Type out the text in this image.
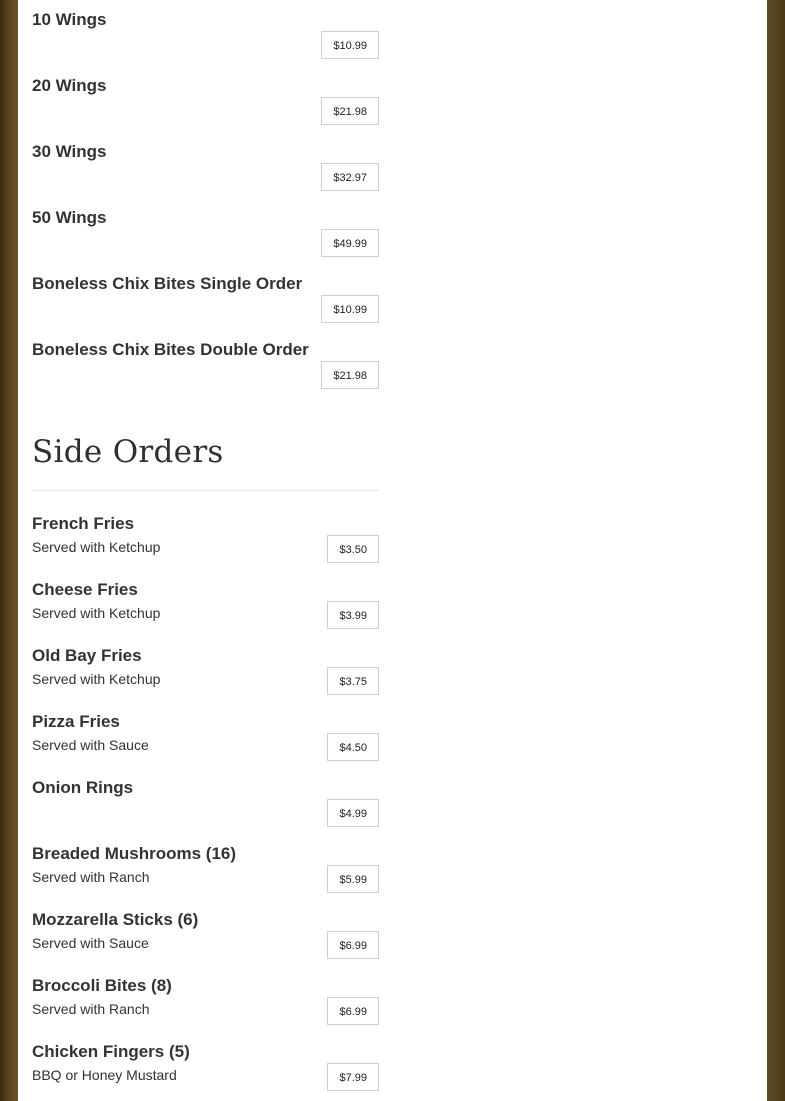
10 Wings
$10.99
20 Wings
$21.98
30 Wings
$32.97
50 Wings
$49.99
Boneless Chix Bites Single Order
$10.99
Boneless Chix Bites Double Order
$21.98
Side Orders
French Fries
Served with Ketchup	$3.50
Cheese Fries
Served with Ketchup	$3.99
Old Bay Fries
Served with Ketchup	$3.75
Pizza Fries
Served with Sauce	$4.50
Onion Rings
$4.99
Breaded Mushrooms (16)
Served with Ranch	$5.99
Mozzarella Sticks (6)
Served with Sauce	$6.99
Broccoli Bites (8)
Served with Ranch	$6.99
Chicken Fingers (5)
BBQ or Honey Mustard	$7.99
